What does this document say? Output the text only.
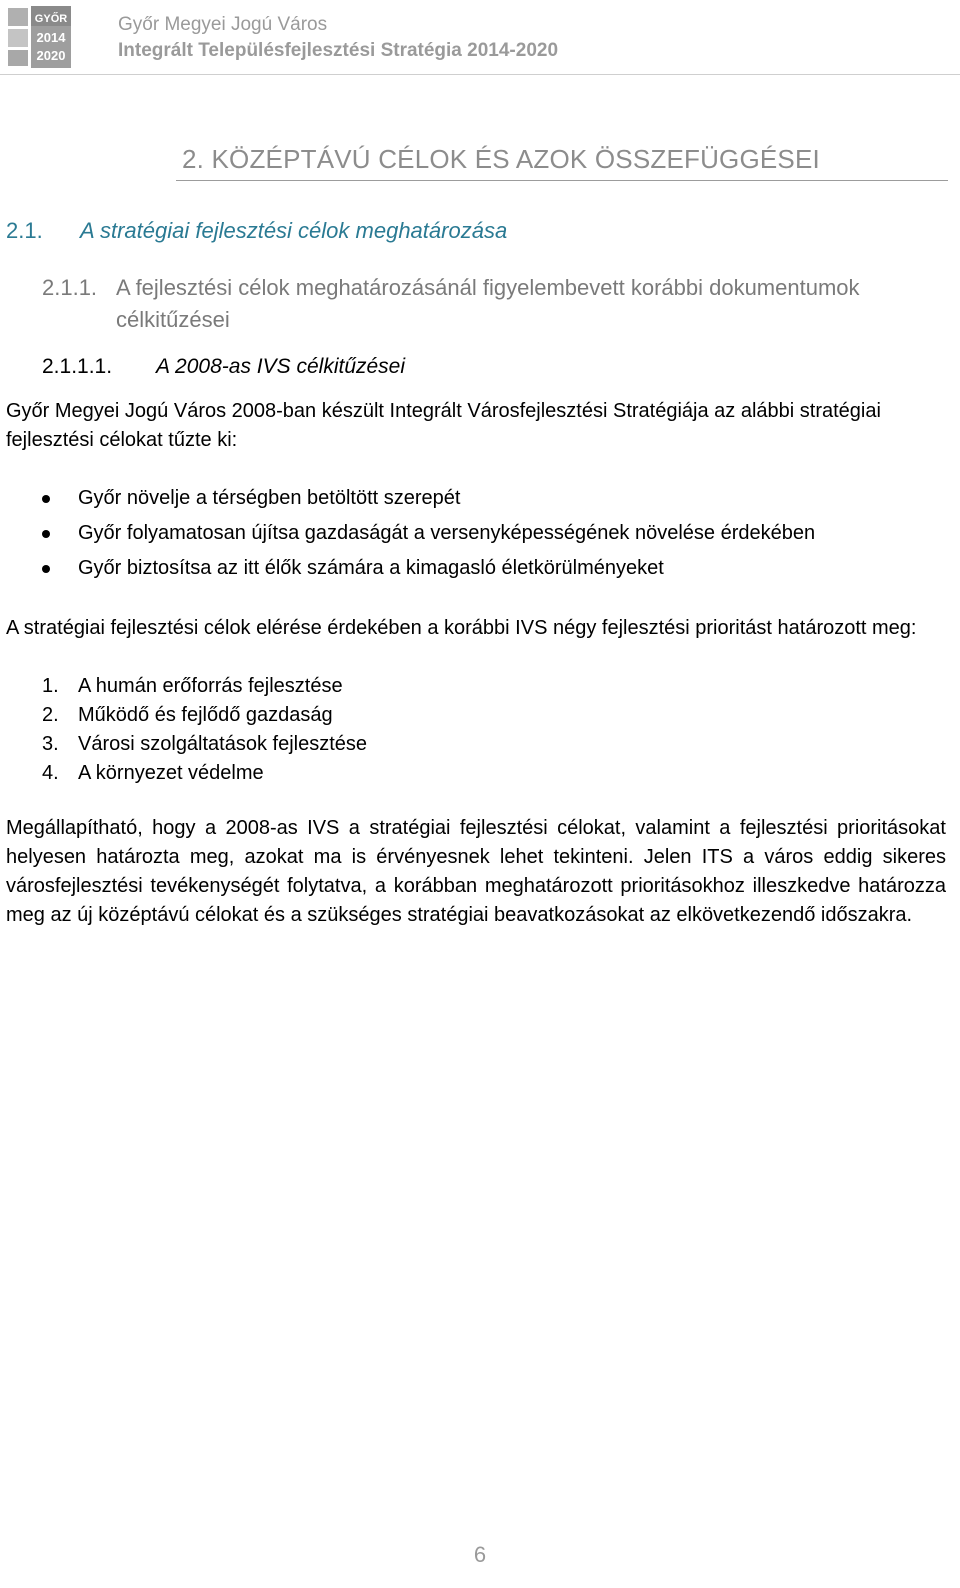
GYŐR
2014
2020
Győr Megyei Jogú Város
Integrált Településfejlesztési Stratégia 2014-2020
2. KÖZÉPTÁVÚ CÉLOK ÉS AZOK ÖSSZEFÜGGÉSEI
2.1. A stratégiai fejlesztési célok meghatározása
2.1.1. A fejlesztési célok meghatározásánál figyelembevett korábbi dokumentumok célkitűzései
2.1.1.1. A 2008-as IVS célkitűzései
Győr Megyei Jogú Város 2008-ban készült Integrált Városfejlesztési Stratégiája az alábbi stratégiai fejlesztési célokat tűzte ki:
Győr növelje a térségben betöltött szerepét
Győr folyamatosan újítsa gazdaságát a versenyképességének növelése érdekében
Győr biztosítsa az itt élők számára a kimagasló életkörülményeket
A stratégiai fejlesztési célok elérése érdekében a korábbi IVS négy fejlesztési prioritást határozott meg:
1. A humán erőforrás fejlesztése
2. Működő és fejlődő gazdaság
3. Városi szolgáltatások fejlesztése
4. A környezet védelme
Megállapítható, hogy a 2008-as IVS a stratégiai fejlesztési célokat, valamint a fejlesztési prioritásokat helyesen határozta meg, azokat ma is érvényesnek lehet tekinteni. Jelen ITS a város eddig sikeres városfejlesztési tevékenységét folytatva, a korábban meghatározott prioritásokhoz illeszkedve határozza meg az új középtávú célokat és a szükséges stratégiai beavatkozásokat az elkövetkezendő időszakra.
6
